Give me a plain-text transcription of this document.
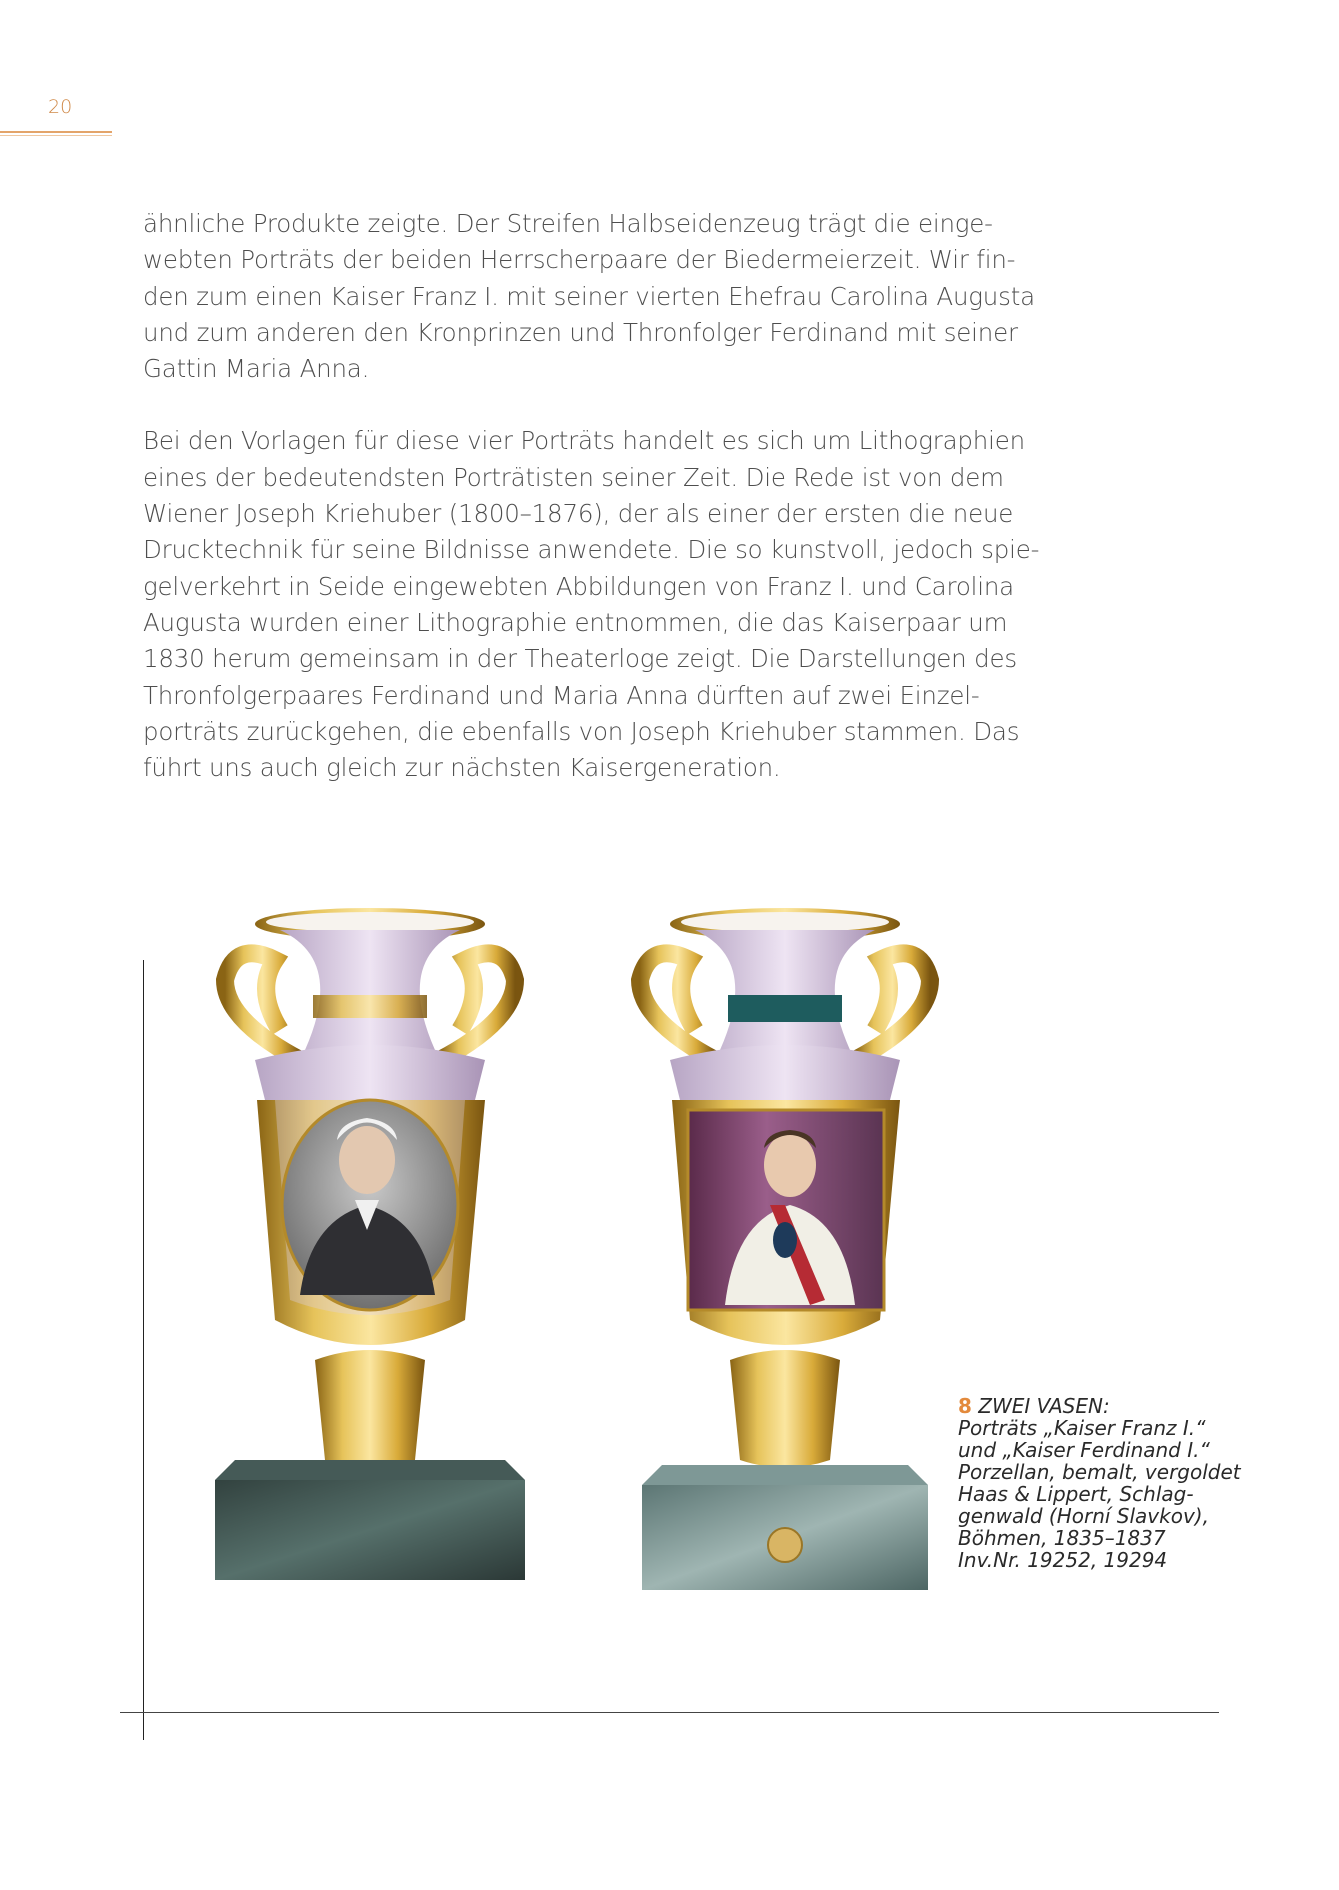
20

ähnliche Produkte zeigte. Der Streifen Halbseidenzeug trägt die einge-
webten Porträts der beiden Herrscherpaare der Biedermeierzeit. Wir fin-
den zum einen Kaiser Franz I. mit seiner vierten Ehefrau Carolina Augusta
und zum anderen den Kronprinzen und Thronfolger Ferdinand mit seiner
Gattin Maria Anna.

Bei den Vorlagen für diese vier Porträts handelt es sich um Lithographien
eines der bedeutendsten Porträtisten seiner Zeit. Die Rede ist von dem
Wiener Joseph Kriehuber (1800–1876), der als einer der ersten die neue
Drucktechnik für seine Bildnisse anwendete. Die so kunstvoll, jedoch spie-
gelverkehrt in Seide eingewebten Abbildungen von Franz I. und Carolina
Augusta wurden einer Lithographie entnommen, die das Kaiserpaar um
1830 herum gemeinsam in der Theaterloge zeigt. Die Darstellungen des
Thronfolgerpaares Ferdinand und Maria Anna dürften auf zwei Einzel-
porträts zurückgehen, die ebenfalls von Joseph Kriehuber stammen. Das
führt uns auch gleich zur nächsten Kaisergeneration.

8 ZWEI VASEN:
Porträts „Kaiser Franz I.“
und „Kaiser Ferdinand I.“
Porzellan, bemalt, vergoldet
Haas & Lippert, Schlag-
genwald (Horní Slavkov),
Böhmen, 1835–1837
Inv.Nr. 19252, 19294
